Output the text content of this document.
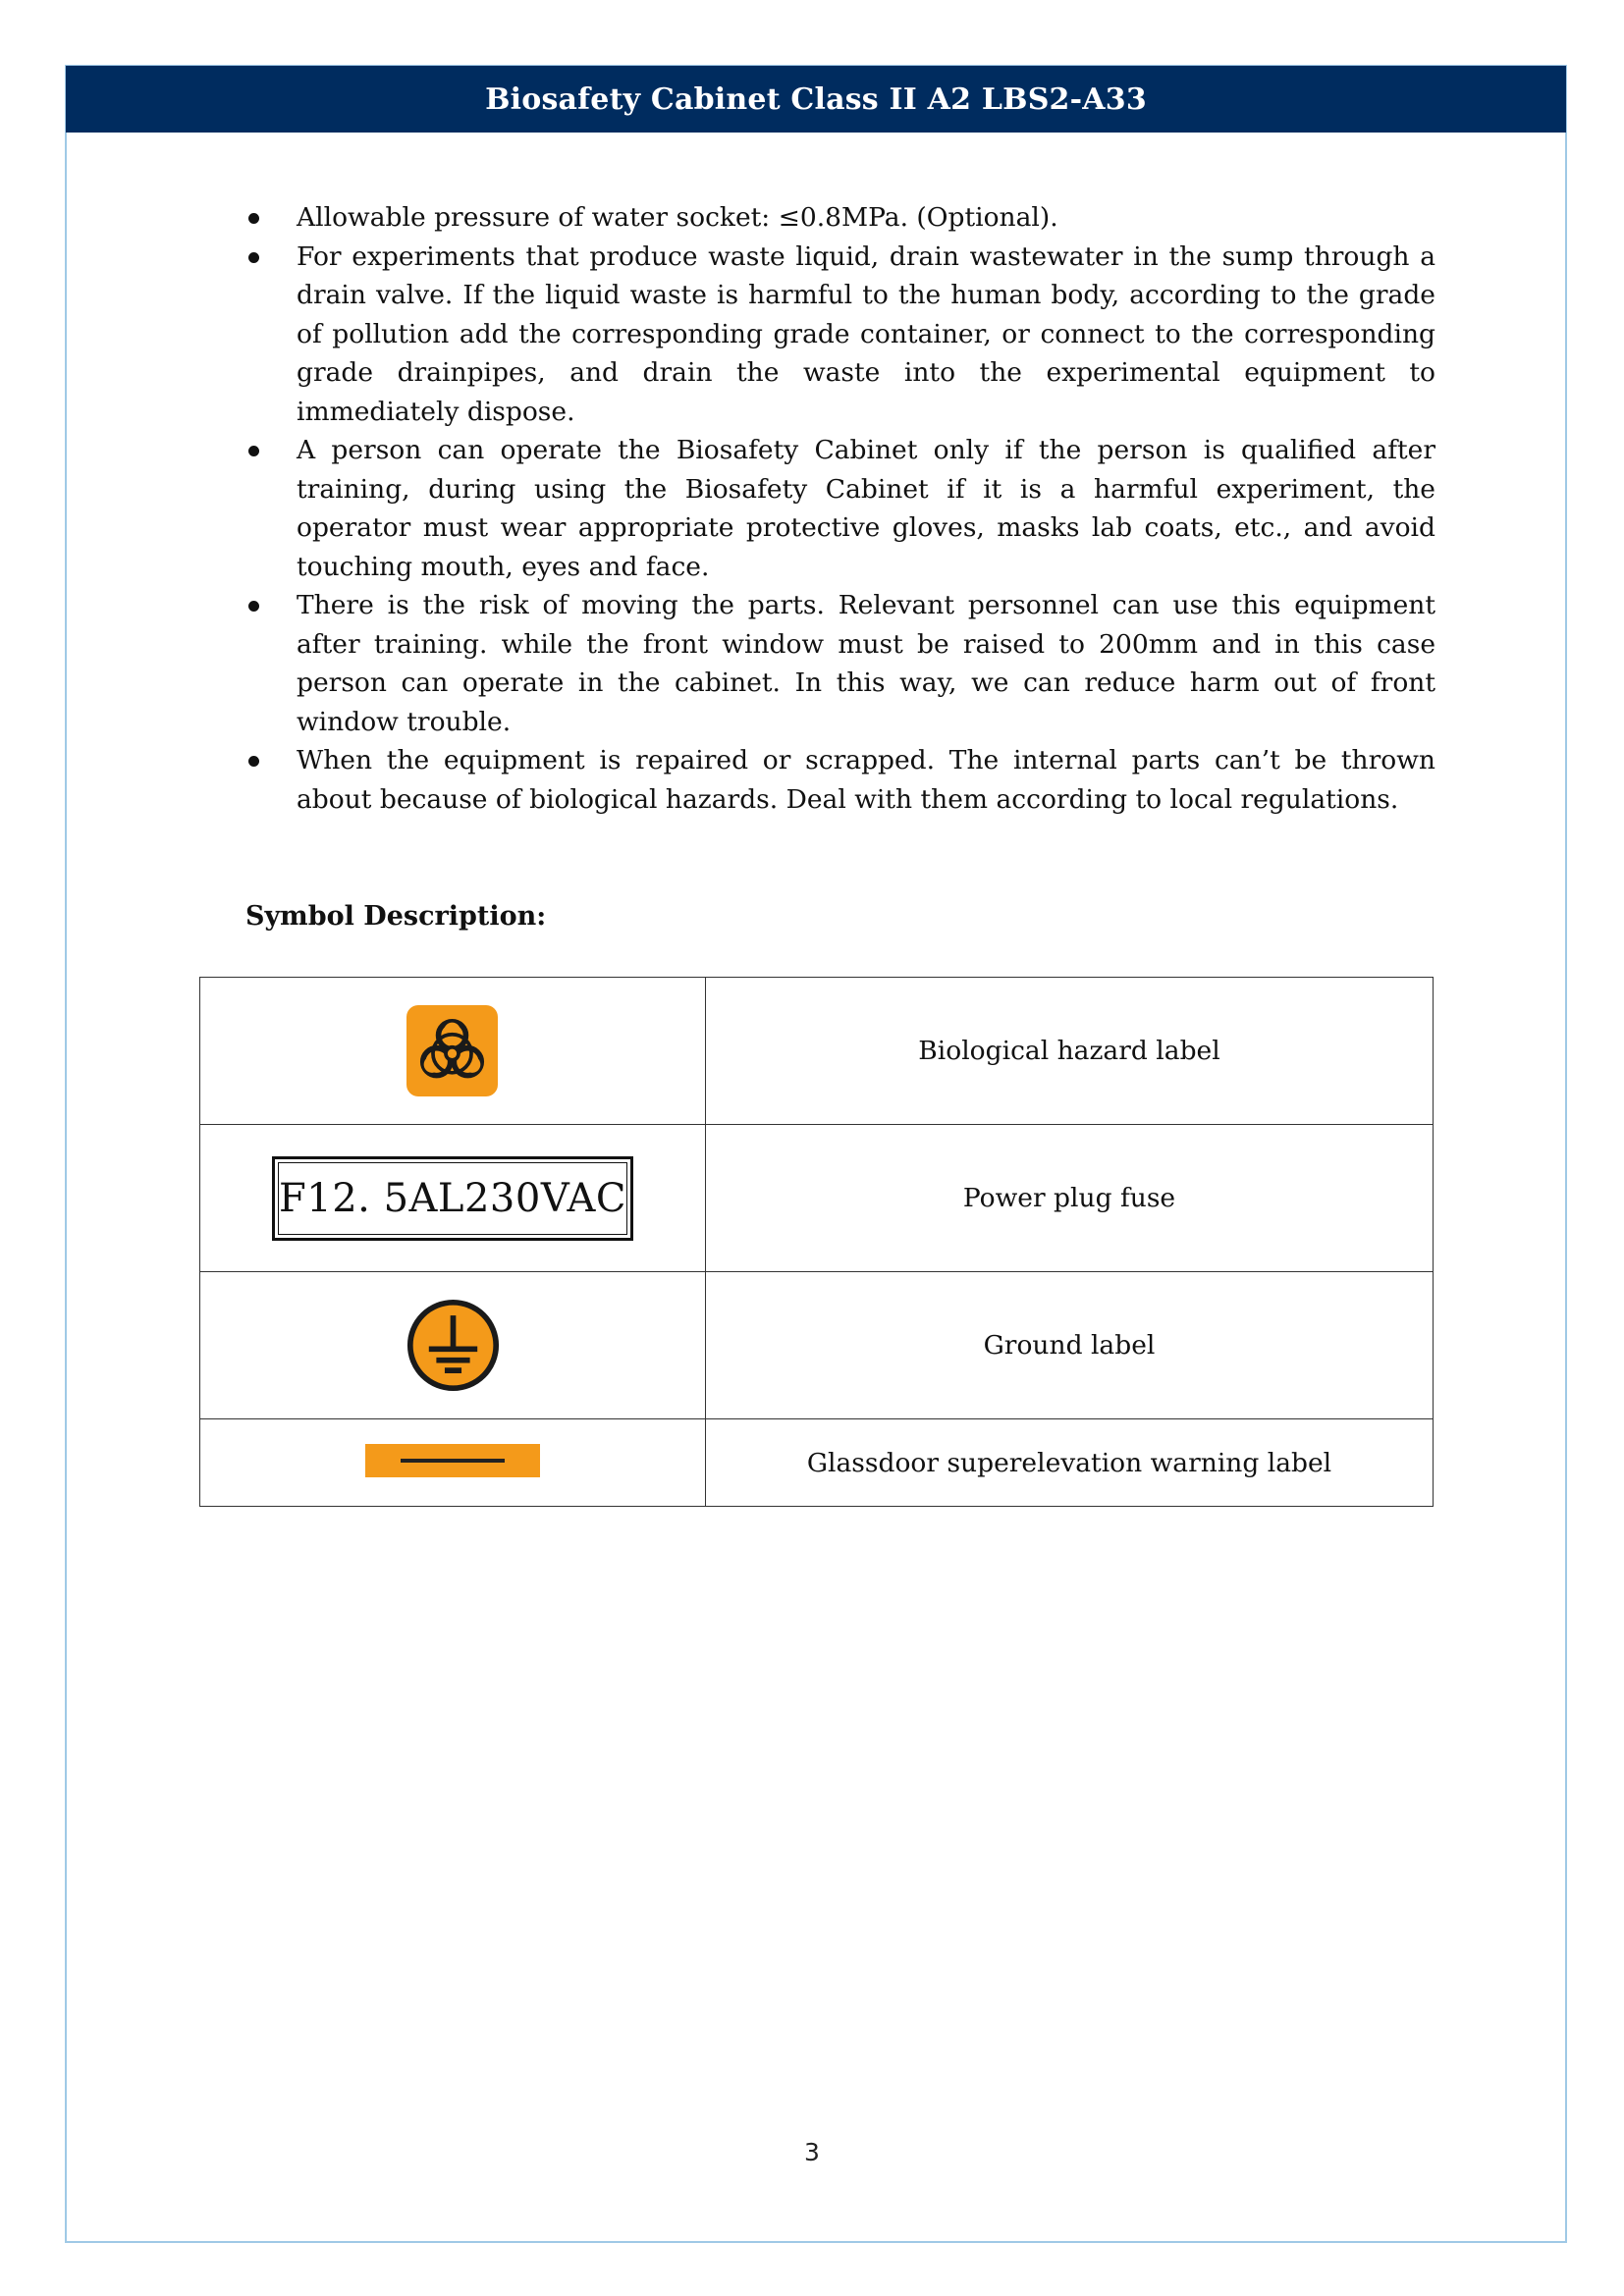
Biosafety Cabinet Class II A2 LBS2-A33
Allowable pressure of water socket: ≤0.8MPa. (Optional).
For experiments that produce waste liquid, drain wastewater in the sump through a drain valve. If the liquid waste is harmful to the human body, according to the grade of pollution add the corresponding grade container, or connect to the corresponding grade drainpipes, and drain the waste into the experimental equipment to immediately dispose.
A person can operate the Biosafety Cabinet only if the person is qualified after training, during using the Biosafety Cabinet if it is a harmful experiment, the operator must wear appropriate protective gloves, masks lab coats, etc., and avoid touching mouth, eyes and face.
There is the risk of moving the parts. Relevant personnel can use this equipment after training. while the front window must be raised to 200mm and in this case person can operate in the cabinet. In this way, we can reduce harm out of front window trouble.
When the equipment is repaired or scrapped. The internal parts can’t be thrown about because of biological hazards. Deal with them according to local regulations.
Symbol Description:
	Biological hazard label
F12. 5AL230VAC	Power plug fuse

	Ground label

	Glassdoor superelevation warning label
3
